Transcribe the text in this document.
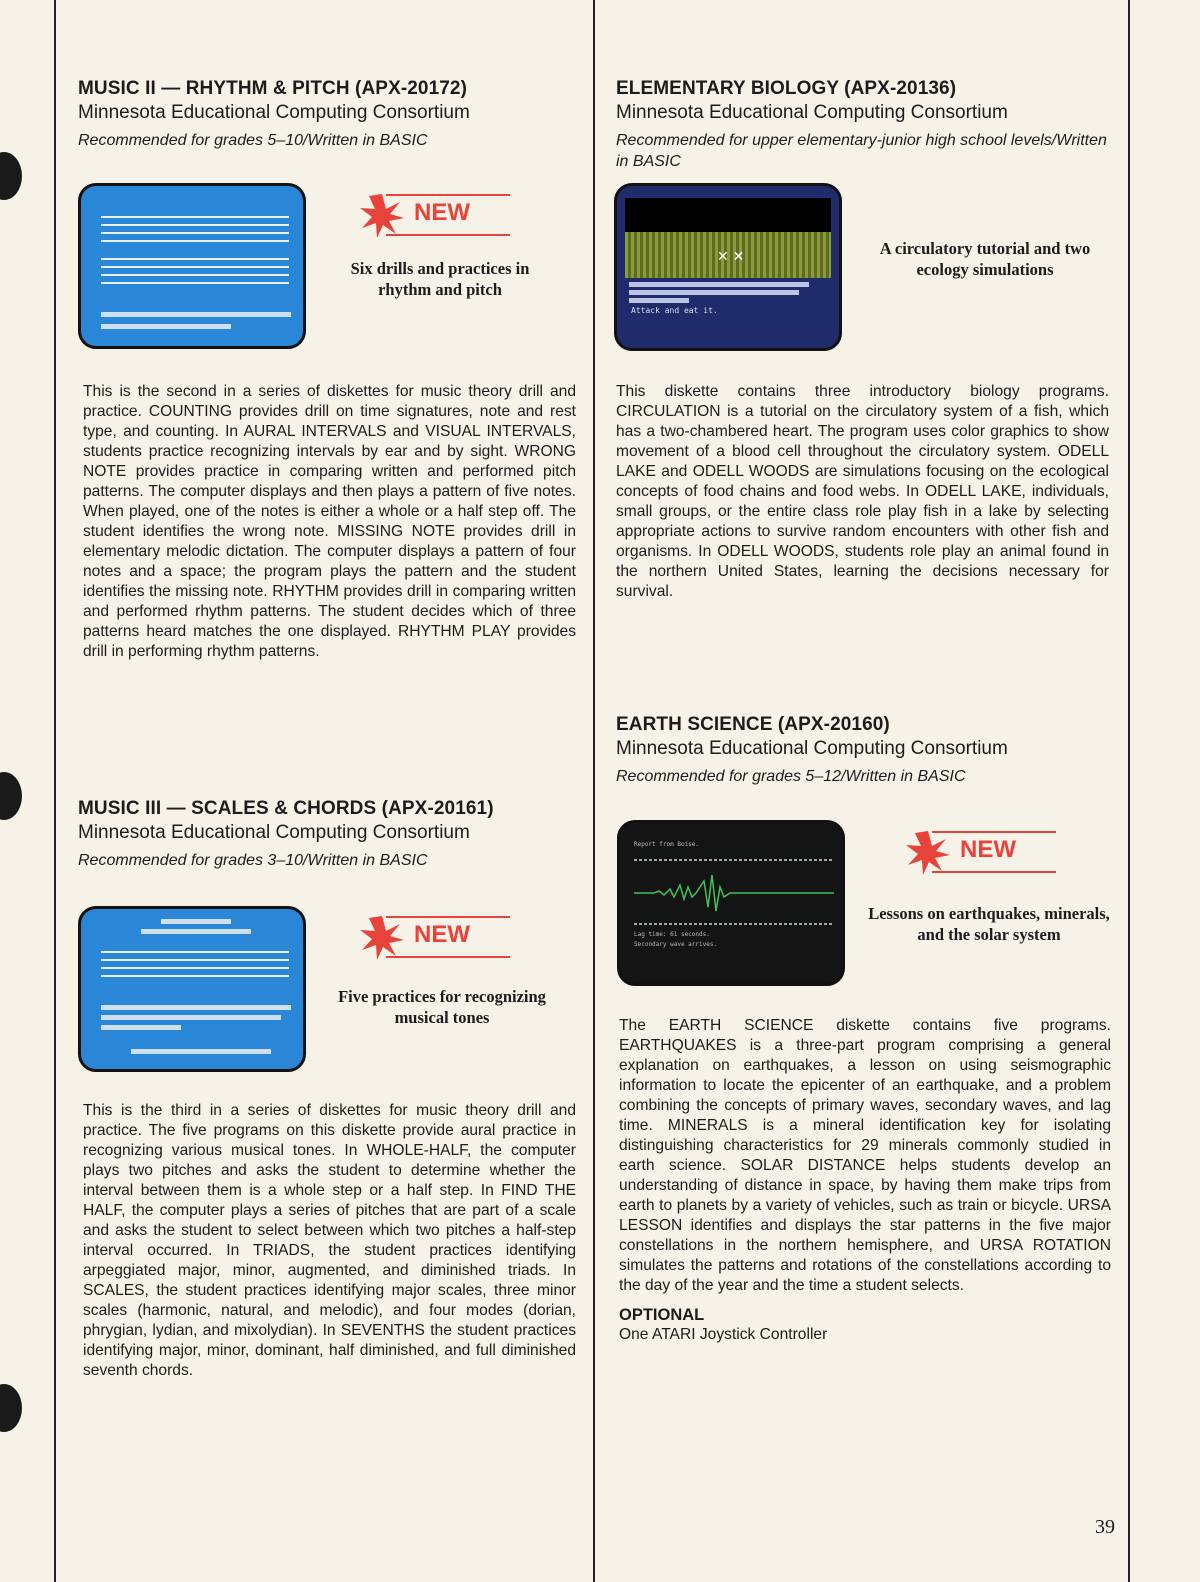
MUSIC II — RHYTHM & PITCH (APX-20172)
Minnesota Educational Computing Consortium
Recommended for grades 5–10/Written in BASIC
NEW
Six drills and practices in rhythm and pitch

This is the second in a series of diskettes for music theory drill and practice. COUNTING provides drill on time signatures, note and rest type, and counting. In AURAL INTERVALS and VISUAL INTERVALS, students practice recognizing intervals by ear and by sight. WRONG NOTE provides practice in comparing written and performed pitch patterns. The computer displays and then plays a pattern of five notes. When played, one of the notes is either a whole or a half step off. The student identifies the wrong note. MISSING NOTE provides drill in elementary melodic dictation. The computer displays a pattern of four notes and a space; the program plays the pattern and the student identifies the missing note. RHYTHM provides drill in comparing written and performed rhythm patterns. The student decides which of three patterns heard matches the one displayed. RHYTHM PLAY provides drill in performing rhythm patterns.

MUSIC III — SCALES & CHORDS (APX-20161)
Minnesota Educational Computing Consortium
Recommended for grades 3–10/Written in BASIC
NEW
Five practices for recognizing musical tones

This is the third in a series of diskettes for music theory drill and practice. The five programs on this diskette provide aural practice in recognizing various musical tones. In WHOLE-HALF, the computer plays two pitches and asks the student to determine whether the interval between them is a whole step or a half step. In FIND THE HALF, the computer plays a series of pitches that are part of a scale and asks the student to select between which two pitches a half-step interval occurred. In TRIADS, the student practices identifying arpeggiated major, minor, augmented, and diminished triads. In SCALES, the student practices identifying major scales, three minor scales (harmonic, natural, and melodic), and four modes (dorian, phrygian, lydian, and mixolydian). In SEVENTHS the student practices identifying major, minor, dominant, half diminished, and full diminished seventh chords.

ELEMENTARY BIOLOGY (APX-20136)
Minnesota Educational Computing Consortium
Recommended for upper elementary-junior high school levels/Written in BASIC
✕ ✕
Attack and eat it.
A circulatory tutorial and two ecology simulations

This diskette contains three introductory biology programs. CIRCULATION is a tutorial on the circulatory system of a fish, which has a two-chambered heart. The program uses color graphics to show movement of a blood cell throughout the circulatory system. ODELL LAKE and ODELL WOODS are simulations focusing on the ecological concepts of food chains and food webs. In ODELL LAKE, individuals, small groups, or the entire class role play fish in a lake by selecting appropriate actions to survive random encounters with other fish and organisms. In ODELL WOODS, students role play an animal found in the northern United States, learning the decisions necessary for survival.

EARTH SCIENCE (APX-20160)
Minnesota Educational Computing Consortium
Recommended for grades 5–12/Written in BASIC
Report from Boise.
Lag time: 61 seconds.
Secondary wave arrives.
NEW
Lessons on earthquakes, minerals, and the solar system

The EARTH SCIENCE diskette contains five programs. EARTHQUAKES is a three-part program comprising a general explanation on earthquakes, a lesson on using seismographic information to locate the epicenter of an earthquake, and a problem combining the concepts of primary waves, secondary waves, and lag time. MINERALS is a mineral identification key for isolating distinguishing characteristics for 29 minerals commonly studied in earth science. SOLAR DISTANCE helps students develop an understanding of distance in space, by having them make trips from earth to planets by a variety of vehicles, such as train or bicycle. URSA LESSON identifies and displays the star patterns in the five major constellations in the northern hemisphere, and URSA ROTATION simulates the patterns and rotations of the constellations according to the day of the year and the time a student selects.

OPTIONAL
One ATARI Joystick Controller
39
